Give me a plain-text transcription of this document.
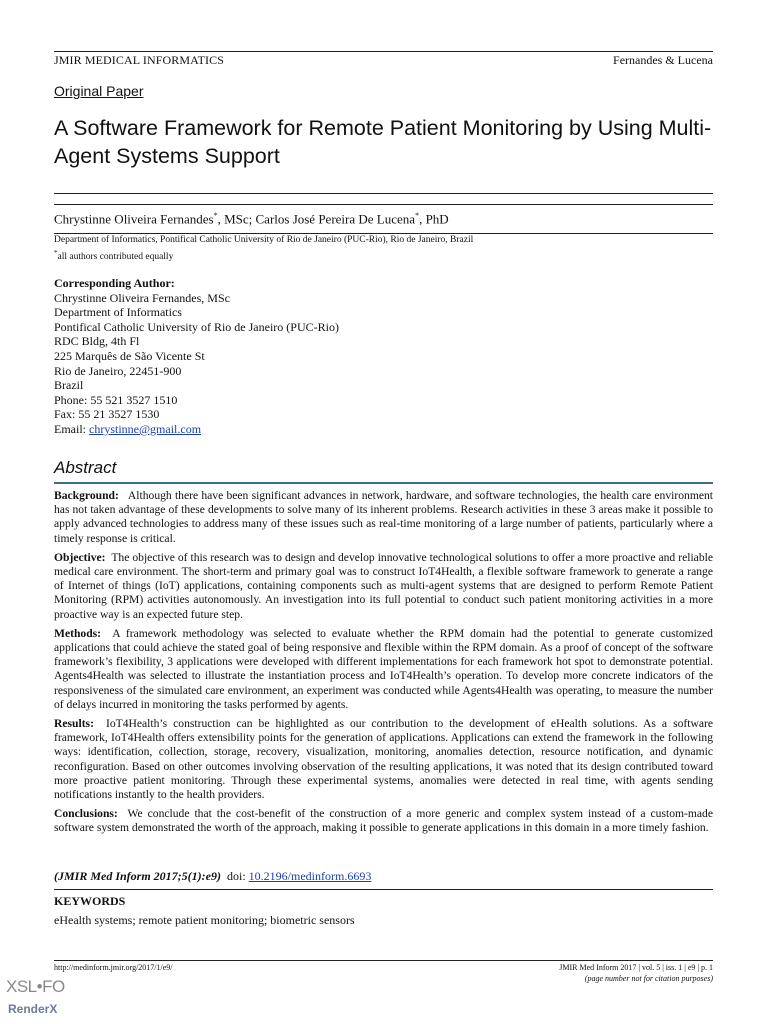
JMIR MEDICAL INFORMATICS	Fernandes & Lucena
Original Paper
A Software Framework for Remote Patient Monitoring by Using Multi-Agent Systems Support
Chrystinne Oliveira Fernandes*, MSc; Carlos José Pereira De Lucena*, PhD
Department of Informatics, Pontifical Catholic University of Rio de Janeiro (PUC-Rio), Rio de Janeiro, Brazil
*all authors contributed equally
Corresponding Author:
Chrystinne Oliveira Fernandes, MSc
Department of Informatics
Pontifical Catholic University of Rio de Janeiro (PUC-Rio)
RDC Bldg, 4th Fl
225 Marquês de São Vicente St
Rio de Janeiro, 22451-900
Brazil
Phone: 55 521 3527 1510
Fax: 55 21 3527 1530
Email: chrystinne@gmail.com
Abstract

Background: Although there have been significant advances in network, hardware, and software technologies, the health care environment has not taken advantage of these developments to solve many of its inherent problems. Research activities in these 3 areas make it possible to apply advanced technologies to address many of these issues such as real-time monitoring of a large number of patients, particularly where a timely response is critical.

Objective: The objective of this research was to design and develop innovative technological solutions to offer a more proactive and reliable medical care environment. The short-term and primary goal was to construct IoT4Health, a flexible software framework to generate a range of Internet of things (IoT) applications, containing components such as multi-agent systems that are designed to perform Remote Patient Monitoring (RPM) activities autonomously. An investigation into its full potential to conduct such patient monitoring activities in a more proactive way is an expected future step.

Methods: A framework methodology was selected to evaluate whether the RPM domain had the potential to generate customized applications that could achieve the stated goal of being responsive and flexible within the RPM domain. As a proof of concept of the software framework’s flexibility, 3 applications were developed with different implementations for each framework hot spot to demonstrate potential. Agents4Health was selected to illustrate the instantiation process and IoT4Health’s operation. To develop more concrete indicators of the responsiveness of the simulated care environment, an experiment was conducted while Agents4Health was operating, to measure the number of delays incurred in monitoring the tasks performed by agents.

Results: IoT4Health’s construction can be highlighted as our contribution to the development of eHealth solutions. As a software framework, IoT4Health offers extensibility points for the generation of applications. Applications can extend the framework in the following ways: identification, collection, storage, recovery, visualization, monitoring, anomalies detection, resource notification, and dynamic reconfiguration. Based on other outcomes involving observation of the resulting applications, it was noted that its design contributed toward more proactive patient monitoring. Through these experimental systems, anomalies were detected in real time, with agents sending notifications instantly to the health providers.

Conclusions: We conclude that the cost-benefit of the construction of a more generic and complex system instead of a custom-made software system demonstrated the worth of the approach, making it possible to generate applications in this domain in a more timely fashion.

(JMIR Med Inform 2017;5(1):e9) doi: 10.2196/medinform.6693
KEYWORDS
eHealth systems; remote patient monitoring; biometric sensors
http://medinform.jmir.org/2017/1/e9/	JMIR Med Inform 2017 | vol. 5 | iss. 1 | e9 | p. 1
(page number not for citation purposes)
XSL•FO
RenderX
